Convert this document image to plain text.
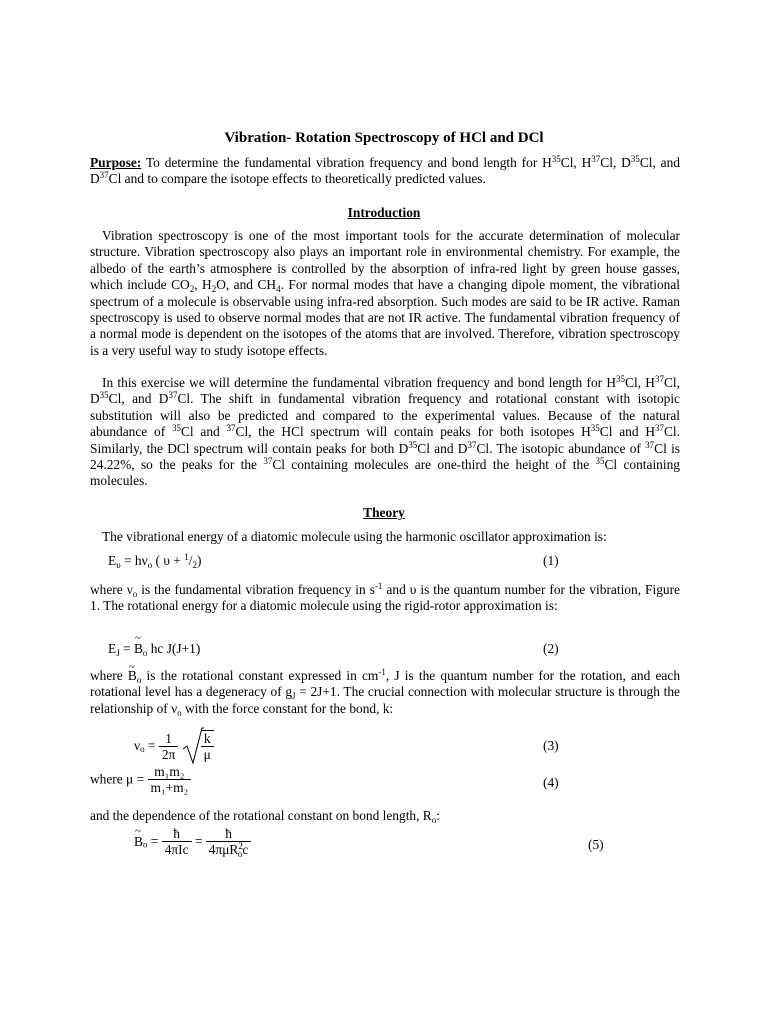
Vibration- Rotation Spectroscopy of HCl and DCl
Purpose: To determine the fundamental vibration frequency and bond length for $H^{35}Cl$, $H^{37}Cl$, $D^{35}Cl$, and $D^{37}Cl$ and to compare the isotope effects to theoretically predicted values.
Introduction
Vibration spectroscopy is one of the most important tools for the accurate determination of molecular structure. Vibration spectroscopy also plays an important role in environmental chemistry. For example, the albedo of the earth’s atmosphere is controlled by the absorption of infra-red light by green house gasses, which include $CO_2$, $H_2O$, and $CH_4$. For normal modes that have a changing dipole moment, the vibrational spectrum of a molecule is observable using infra-red absorption. Such modes are said to be IR active. Raman spectroscopy is used to observe normal modes that are not IR active. The fundamental vibration frequency of a normal mode is dependent on the isotopes of the atoms that are involved. Therefore, vibration spectroscopy is a very useful way to study isotope effects.
In this exercise we will determine the fundamental vibration frequency and bond length for $H^{35}Cl$, $H^{37}Cl$, $D^{35}Cl$, and $D^{37}Cl$. The shift in fundamental vibration frequency and rotational constant with isotopic substitution will also be predicted and compared to the experimental values. Because of the natural abundance of $^{35}$Cl and $^{37}$Cl, the HCl spectrum will contain peaks for both isotopes $H^{35}Cl$ and $H^{37}Cl$. Similarly, the DCl spectrum will contain peaks for both $D^{35}Cl$ and $D^{37}Cl$. The isotopic abundance of $^{37}$Cl is 24.22%, so the peaks for the $^{37}$Cl containing molecules are one-third the height of the $^{35}$Cl containing molecules.
Theory
The vibrational energy of a diatomic molecule using the harmonic oscillator approximation is:
$E_\upsilon = h\nu_o$ ( $\upsilon + ^1/_2$)	(1)
where $\nu_o$ is the fundamental vibration frequency in $s^{-1}$ and υ is the quantum number for the vibration, Figure 1. The rotational energy for a diatomic molecule using the rigid-rotor approximation is:
$E_J$ = ~ $B_o$ hc J(J+1)	(2)
where ~ $B_o$ is the rotational constant expressed in $cm^{-1}$, J is the quantum number for the rotation, and each rotational level has a degeneracy of $g_J = 2J+1$. The crucial connection with molecular structure is through the relationship of $\nu_o$ with the force constant for the bond, k:
$\nu_o = \frac{1}{2\pi}$
$\frac{k}{\mu}$	(3)
where $\mu = \frac{\text{m₁m₂}}{\text{m₁+m₂}}$	(4)
and the dependence of the rotational constant on bond length, $R_o$:
~ $B_o = \frac{ħ}{\text{4πIc}} = \frac{ħ}{4\pi\mu R^2_oc}$	(5)
